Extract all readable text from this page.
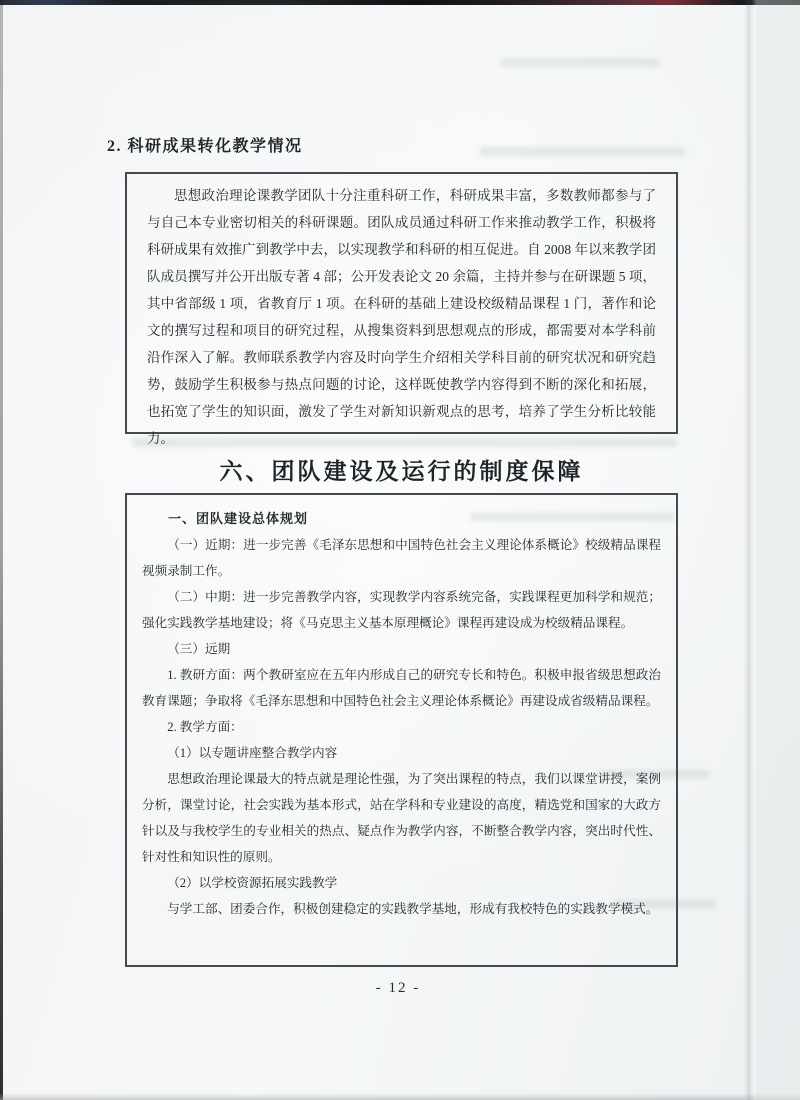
2. 科研成果转化教学情况

思想政治理论课教学团队十分注重科研工作，科研成果丰富，多数教师都参与了与自己本专业密切相关的科研课题。团队成员通过科研工作来推动教学工作，积极将科研成果有效推广到教学中去，以实现教学和科研的相互促进。自 2008 年以来教学团队成员撰写并公开出版专著 4 部；公开发表论文 20 余篇，主持并参与在研课题 5 项，其中省部级 1 项，省教育厅 1 项。在科研的基础上建设校级精品课程 1 门，著作和论文的撰写过程和项目的研究过程，从搜集资料到思想观点的形成，都需要对本学科前沿作深入了解。教师联系教学内容及时向学生介绍相关学科目前的研究状况和研究趋势，鼓励学生积极参与热点问题的讨论，这样既使教学内容得到不断的深化和拓展，也拓宽了学生的知识面，激发了学生对新知识新观点的思考，培养了学生分析比较能力。

六、团队建设及运行的制度保障

一、团队建设总体规划

（一）近期：进一步完善《毛泽东思想和中国特色社会主义理论体系概论》校级精品课程视频录制工作。

（二）中期：进一步完善教学内容，实现教学内容系统完备，实践课程更加科学和规范；强化实践教学基地建设；将《马克思主义基本原理概论》课程再建设成为校级精品课程。

（三）远期

1. 教研方面：两个教研室应在五年内形成自己的研究专长和特色。积极申报省级思想政治教育课题；争取将《毛泽东思想和中国特色社会主义理论体系概论》再建设成省级精品课程。

2. 教学方面：

（1）以专题讲座整合教学内容

思想政治理论课最大的特点就是理论性强，为了突出课程的特点，我们以课堂讲授，案例分析，课堂讨论，社会实践为基本形式，站在学科和专业建设的高度，精选党和国家的大政方针以及与我校学生的专业相关的热点、疑点作为教学内容，不断整合教学内容，突出时代性、针对性和知识性的原则。

（2）以学校资源拓展实践教学

与学工部、团委合作，积极创建稳定的实践教学基地，形成有我校特色的实践教学模式。

- 12 -
